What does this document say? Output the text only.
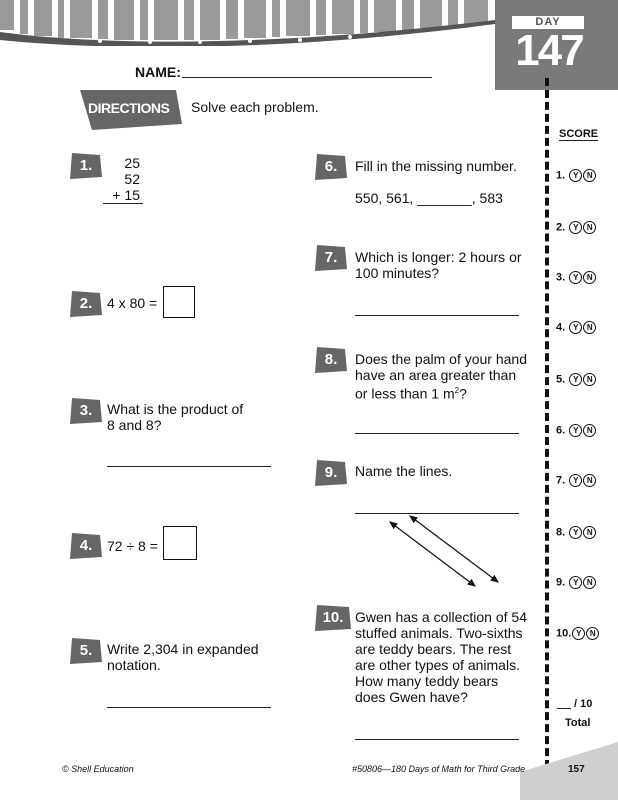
DAY
147
NAME:
DIRECTIONS	Solve each problem.
SCORE
1.
2.
3.
4.
5.
6.
7.
8.
9.
10.
25
52
+ 15
4 x 80 =
What is the product of
8 and 8?
72 ÷ 8 =
Write 2,304 in expanded
notation.
Fill in the missing number.
550, 561, _______, 583
Which is longer: 2 hours or
100 minutes?
Does the palm of your hand
have an area greater than
or less than 1 $m^2$?
Name the lines.
Gwen has a collection of 54
stuffed animals. Two-sixths
are teddy bears. The rest
are other types of animals.
How many teddy bears
does Gwen have?
1. Y N
2. Y N
3. Y N
4. Y N
5. Y N
6. Y N
7. Y N
8. Y N
9. Y N
10. Y N
/ 10
Total
© Shell Education	#50806—180 Days of Math for Third Grade	157
